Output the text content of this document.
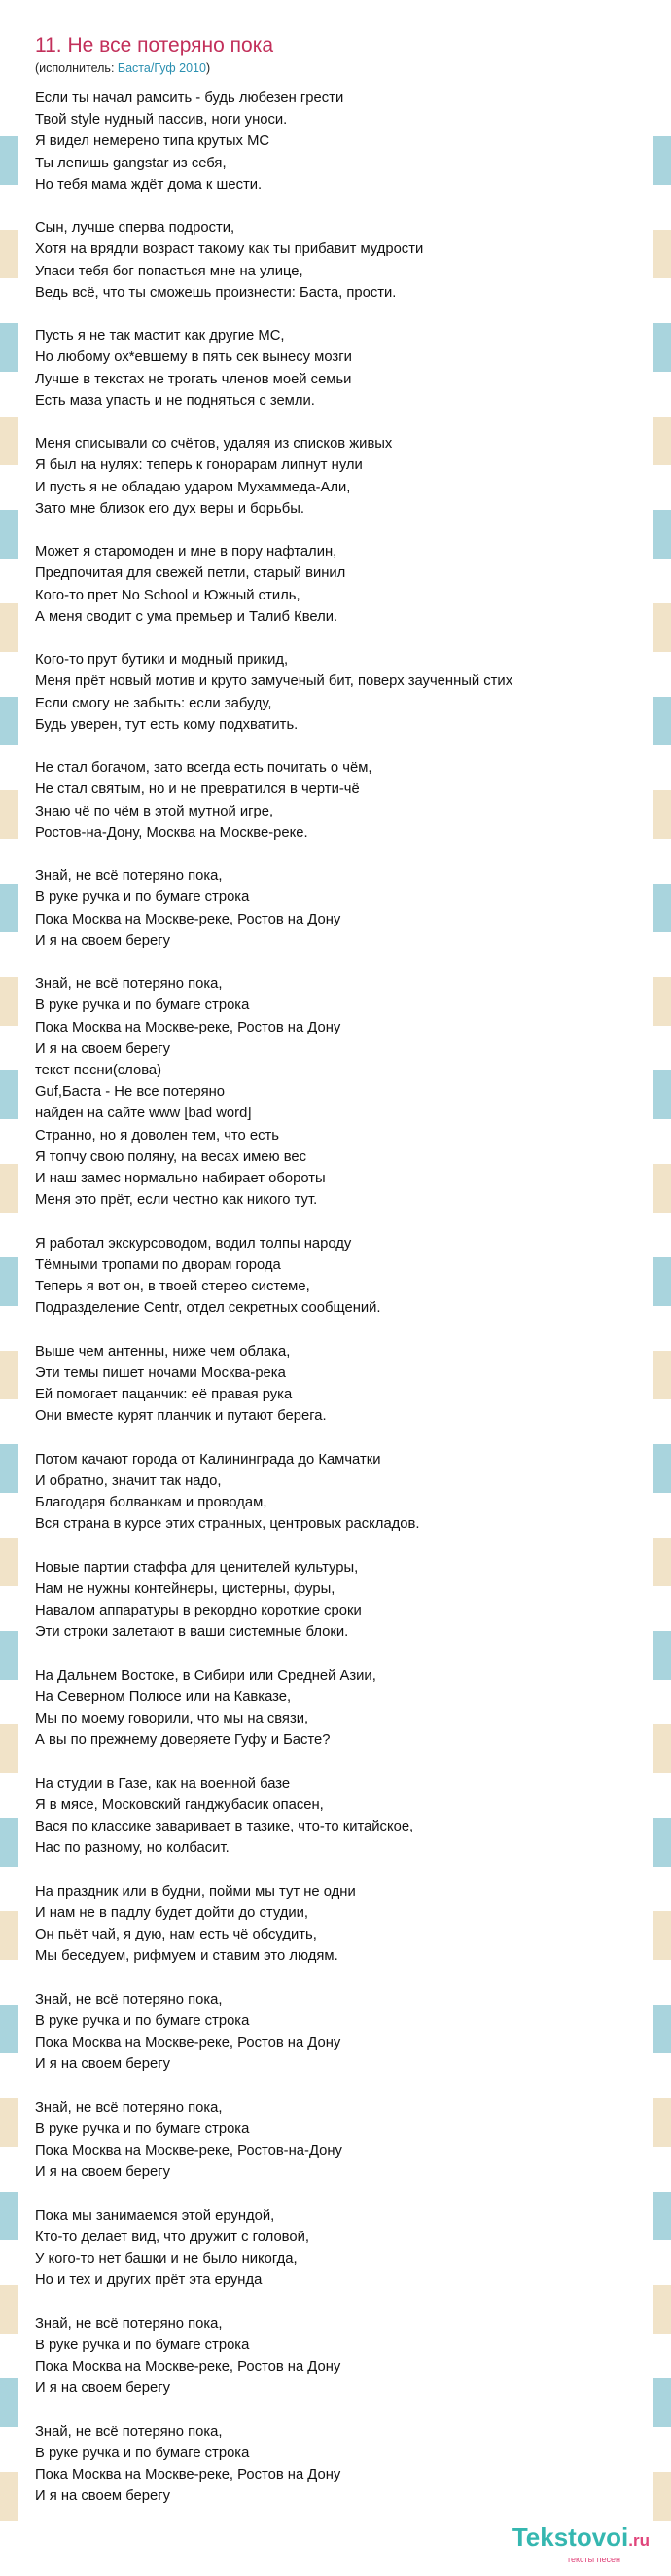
11. Не все потеряно пока
(исполнитель: Баста/Гуф 2010)
Если ты начал рамсить - будь любезен грести
Твой style нудный пассив, ноги уноси.
Я видел немерено типа крутых MC
Ты лепишь gangstar из себя,
Но тебя мама ждёт дома к шести.
Сын, лучше сперва подрости,
Хотя на врядли возраст такому как ты прибавит мудрости
Упаси тебя бог попасться мне на улице,
Ведь всё, что ты сможешь произнести: Баста, прости.
Пусть я не так мастит как другие MC,
Но любому ох*евшему в пять сек вынесу мозги
Лучше в текстах не трогать членов моей семьи
Есть маза упасть и не подняться с земли.
Меня списывали со счётов, удаляя из списков живых
Я был на нулях: теперь к гонорарам липнут нули
И пусть я не обладаю ударом Мухаммеда-Али,
Зато мне близок его дух веры и борьбы.
Может я старомоден и мне в пору нафталин,
Предпочитая для свежей петли, старый винил
Кого-то прет No School и Южный стиль,
А меня сводит с ума премьер и Талиб Квели.
Кого-то прут бутики и модный прикид,
Меня прёт новый мотив и круто замученый бит, поверх заученный стих
Если смогу не забыть: если забуду,
Будь уверен, тут есть кому подхватить.
Не стал богачом, зато всегда есть почитать о чём,
Не стал святым, но и не превратился в черти-чё
Знаю чё по чём в этой мутной игре,
Ростов-на-Дону, Москва на Москве-реке.
Знай, не всё потеряно пока,
В руке ручка и по бумаге строка
Пока Москва на Москве-реке, Ростов на Дону
И я на своем берегу
Знай, не всё потеряно пока,
В руке ручка и по бумаге строка
Пока Москва на Москве-реке, Ростов на Дону
И я на своем берегу
текст песни(слова)
Guf,Баста - Не все потеряно
найден на сайте www [bad word]
Странно, но я доволен тем, что есть
Я топчу свою поляну, на весах имею вес
И наш замес нормально набирает обороты
Меня это прёт, если честно как никого тут.
Я работал экскурсоводом, водил толпы народу
Тёмными тропами по дворам города
Теперь я вот он, в твоей стерео системе,
Подразделение Centr, отдел секретных сообщений.
Выше чем антенны, ниже чем облака,
Эти темы пишет ночами Москва-река
Ей помогает пацанчик: её правая рука
Они вместе курят планчик и путают берега.
Потом качают города от Калининграда до Камчатки
И обратно, значит так надо,
Благодаря болванкам и проводам,
Вся страна в курсе этих странных, центровых раскладов.
Новые партии стаффа для ценителей культуры,
Нам не нужны контейнеры, цистерны, фуры,
Навалом аппаратуры в рекордно короткие сроки
Эти строки залетают в ваши системные блоки.
На Дальнем Востоке, в Сибири или Средней Азии,
На Северном Полюсе или на Кавказе,
Мы по моему говорили, что мы на связи,
А вы по прежнему доверяете Гуфу и Басте?
На студии в Газе, как на военной базе
Я в мясе, Московский ганджубасик опасен,
Вася по классике заваривает в тазике, что-то китайское,
Нас по разному, но колбасит.
На праздник или в будни, пойми мы тут не одни
И нам не в падлу будет дойти до студии,
Он пьёт чай, я дую, нам есть чё обсудить,
Мы беседуем, рифмуем и ставим это людям.
Знай, не всё потеряно пока,
В руке ручка и по бумаге строка
Пока Москва на Москве-реке, Ростов на Дону
И я на своем берегу
Знай, не всё потеряно пока,
В руке ручка и по бумаге строка
Пока Москва на Москве-реке, Ростов-на-Дону
И я на своем берегу
Пока мы занимаемся этой ерундой,
Кто-то делает вид, что дружит с головой,
У кого-то нет башки и не было никогда,
Но и тех и других прёт эта ерунда
Знай, не всё потеряно пока,
В руке ручка и по бумаге строка
Пока Москва на Москве-реке, Ростов на Дону
И я на своем берегу
Знай, не всё потеряно пока,
В руке ручка и по бумаге строка
Пока Москва на Москве-реке, Ростов на Дону
И я на своем берегу
Tekstovoi.ru
тексты песен
